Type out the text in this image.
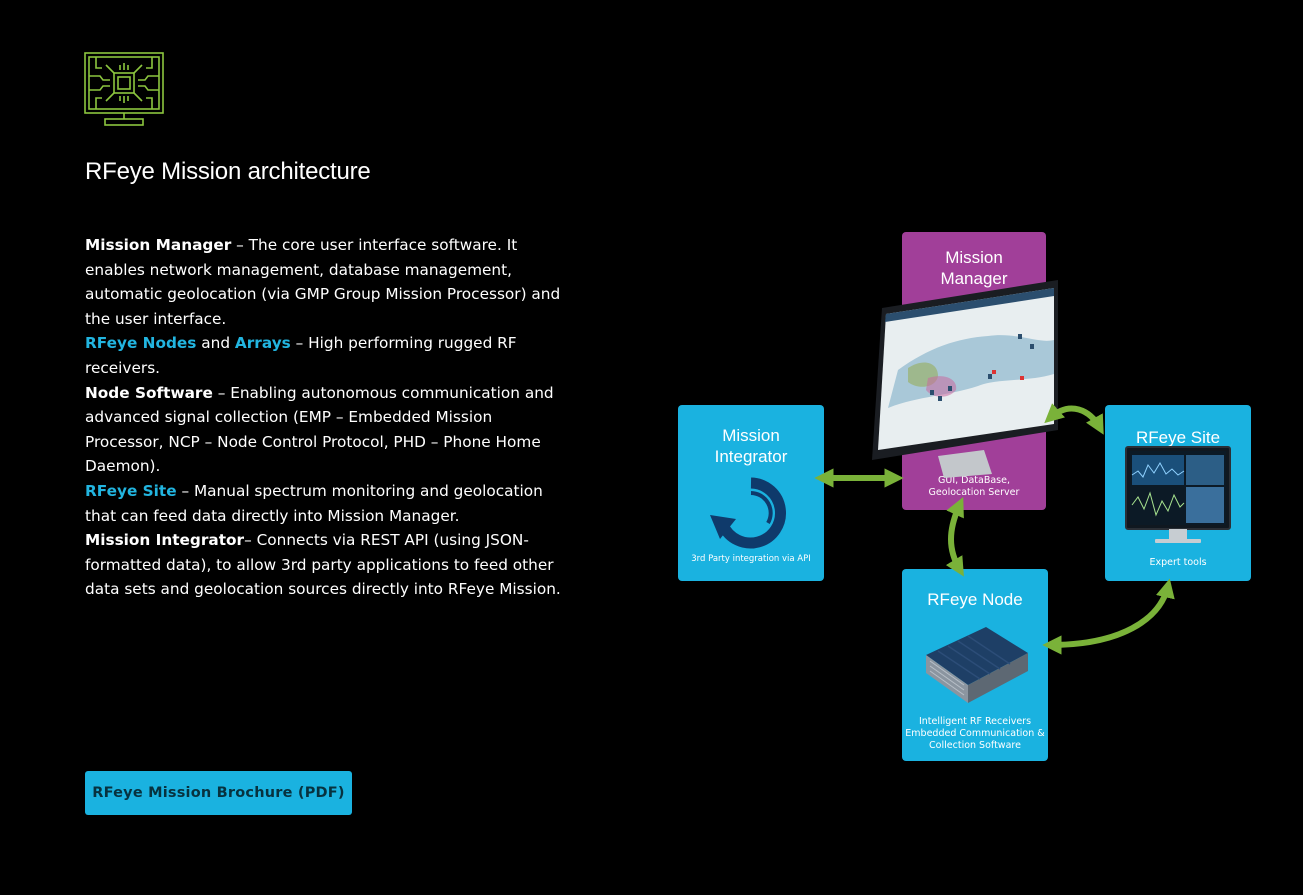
RFeye Mission architecture

Mission Manager – The core user interface software. It enables network management, database management, automatic geolocation (via GMP Group Mission Processor) and the user interface.

RFeye Nodes and Arrays – High performing rugged RF receivers.

Node Software – Enabling autonomous communication and advanced signal collection (EMP – Embedded Mission Processor, NCP – Node Control Protocol, PHD – Phone Home Daemon).

RFeye Site – Manual spectrum monitoring and geolocation that can feed data directly into Mission Manager.

Mission Integrator– Connects via REST API (using JSON-formatted data), to allow 3rd party applications to feed other data sets and geolocation sources directly into RFeye Mission.

RFeye Mission Brochure (PDF)
Mission
Manager
GUI, DataBase,
Geolocation Server
Mission
Integrator
3rd Party integration via API
RFeye Site
Expert tools
RFeye Node
Intelligent RF Receivers
Embedded Communication &
Collection Software
